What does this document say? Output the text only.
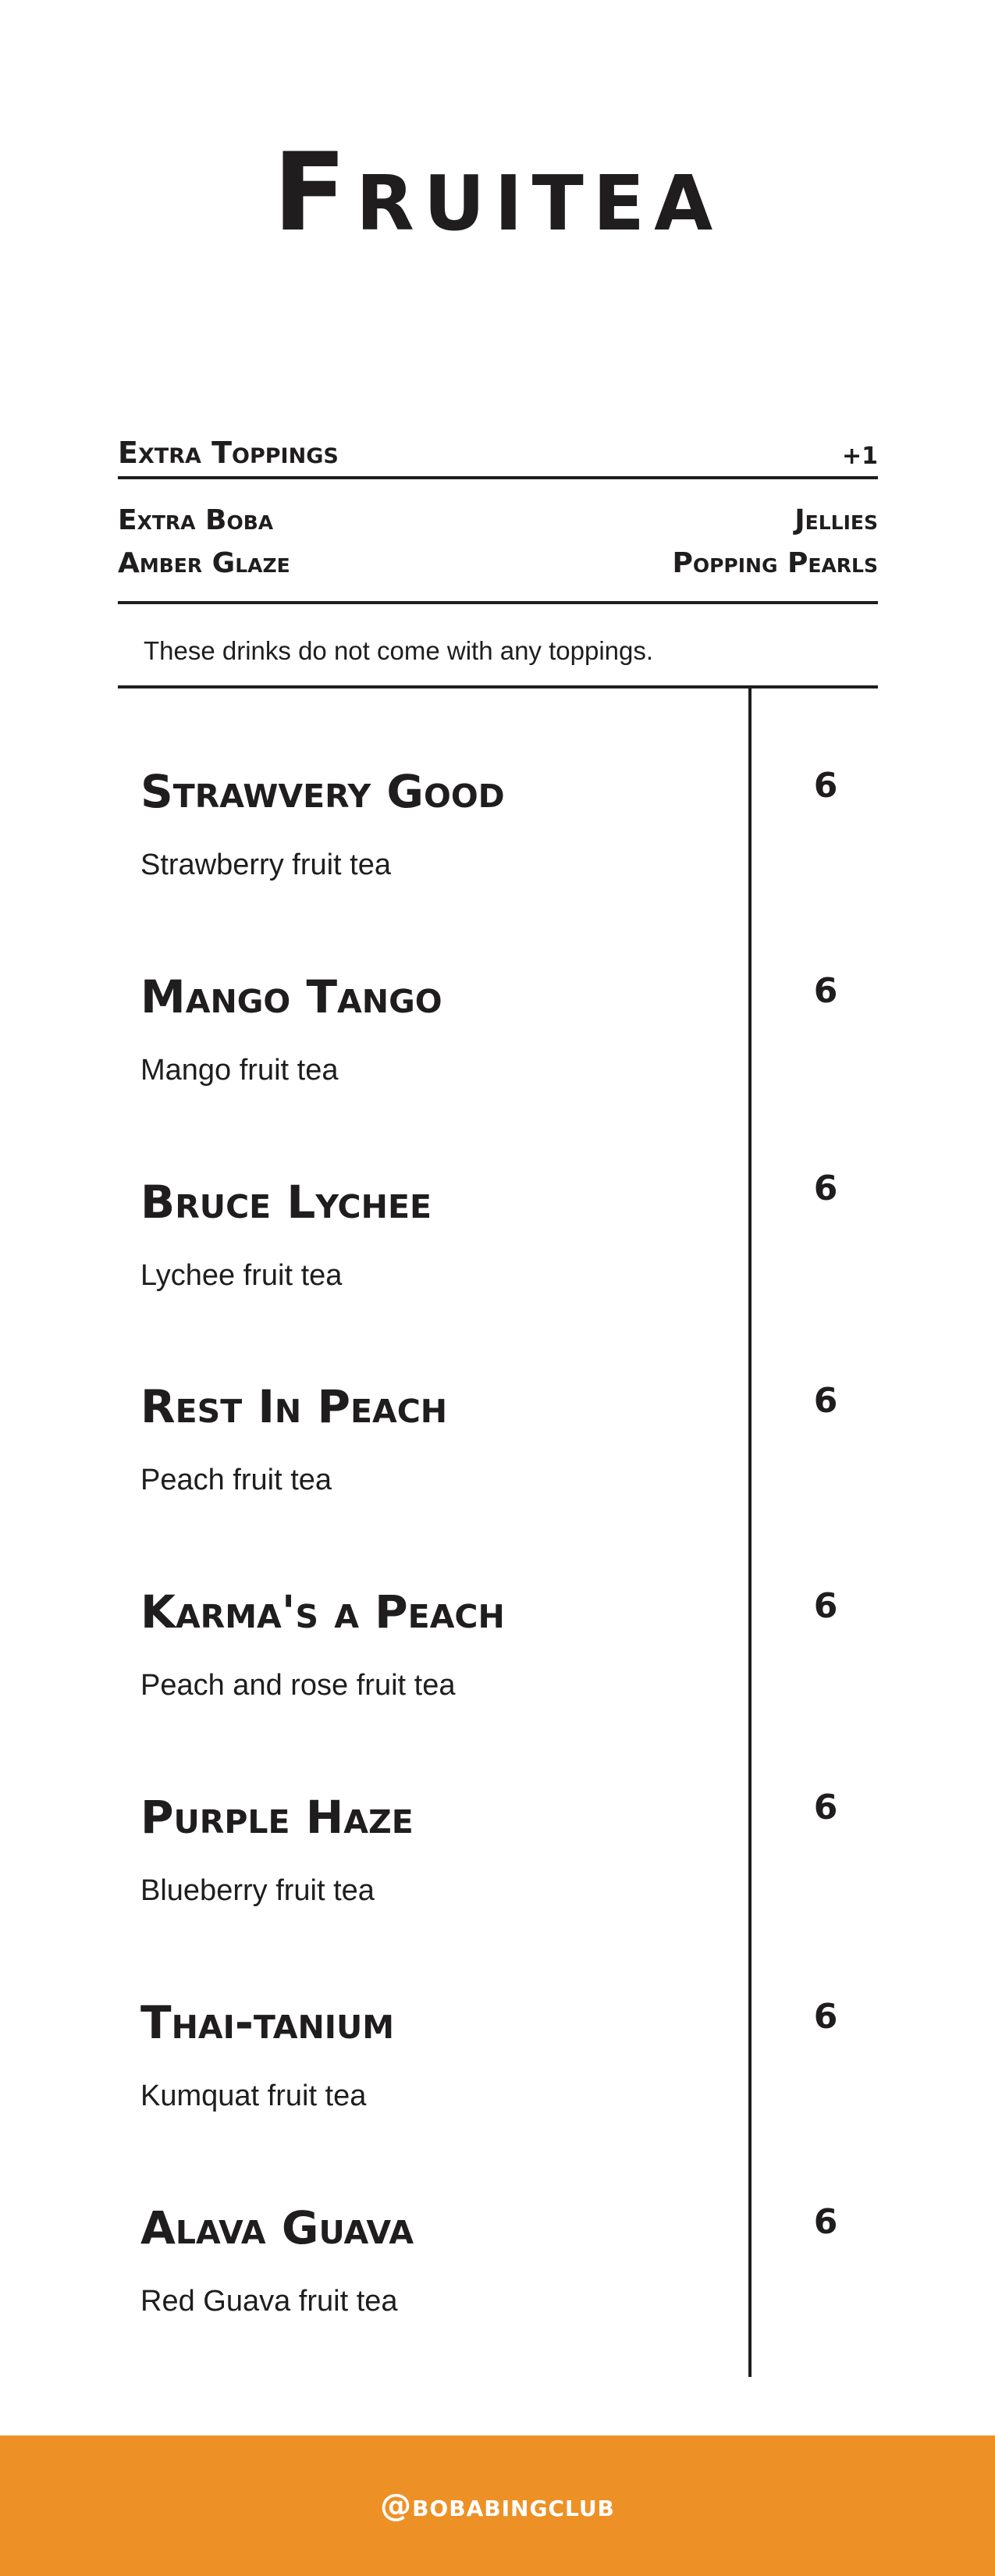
Fruitea
Extra Toppings	+1
Extra Boba	Jellies
Amber Glaze	Popping Pearls
These drinks do not come with any toppings.
Strawvery Good
Strawberry fruit tea
6
Mango Tango
Mango fruit tea
6
Bruce Lychee
Lychee fruit tea
6
Rest In Peach
Peach fruit tea
6
Karma's a Peach
Peach and rose fruit tea
6
Purple Haze
Blueberry fruit tea
6
Thai-tanium
Kumquat fruit tea
6
Alava Guava
Red Guava fruit tea
6
@bobabingclub
